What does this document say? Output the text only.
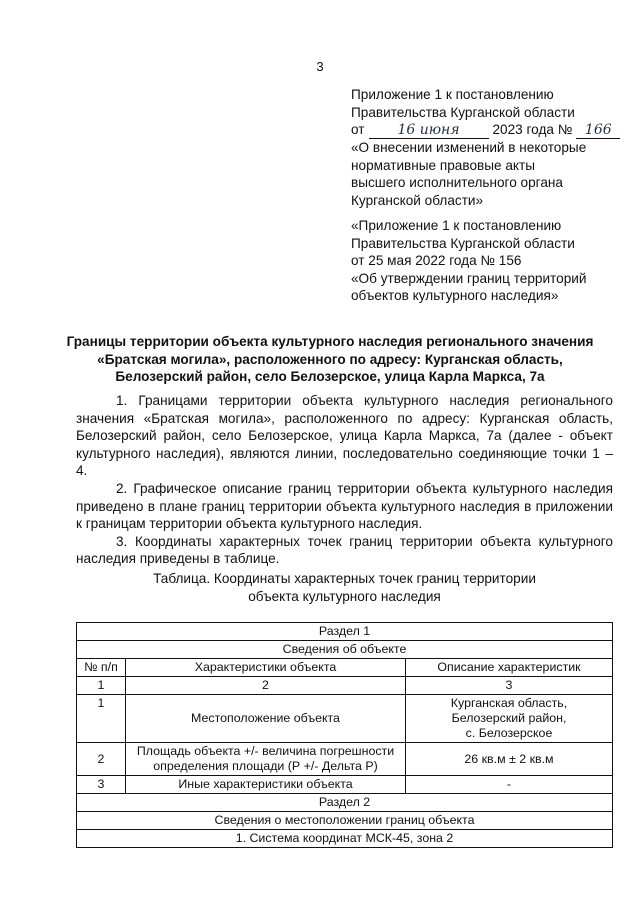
3
Приложение 1 к постановлению
Правительства Курганской области
от 16 июня 2023 года № 166
«О внесении изменений в некоторые
нормативные правовые акты
высшего исполнительного органа
Курганской области»
«Приложение 1 к постановлению
Правительства Курганской области
от 25 мая 2022 года № 156
«Об утверждении границ территорий
объектов культурного наследия»
Границы территории объекта культурного наследия регионального значения «Братская могила», расположенного по адресу: Курганская область, Белозерский район, село Белозерское, улица Карла Маркса, 7а

1. Границами территории объекта культурного наследия регионального значения «Братская могила», расположенного по адресу: Курганская область, Белозерский район, село Белозерское, улица Карла Маркса, 7а (далее - объект культурного наследия), являются линии, последовательно соединяющие точки 1 – 4.

2. Графическое описание границ территории объекта культурного наследия приведено в плане границ территории объекта культурного наследия в приложении к границам территории объекта культурного наследия.

3. Координаты характерных точек границ территории объекта культурного наследия приведены в таблице.

Таблица. Координаты характерных точек границ территории
объекта культурного наследия
Раздел 1		
Сведения об объекте		
№ п/п	Характеристики объекта	Описание характеристик
1	2	3
1	Местоположение объекта	Курганская область,
Белозерский район,
с. Белозерское

2	Площадь объекта +/- величина погрешности определения площади (Р +/- Дельта Р)	26 кв.м ± 2 кв.м
3	Иные характеристики объекта	-
Раздел 2		
Сведения о местоположении границ объекта		
1. Система координат МСК-45, зона 2		
